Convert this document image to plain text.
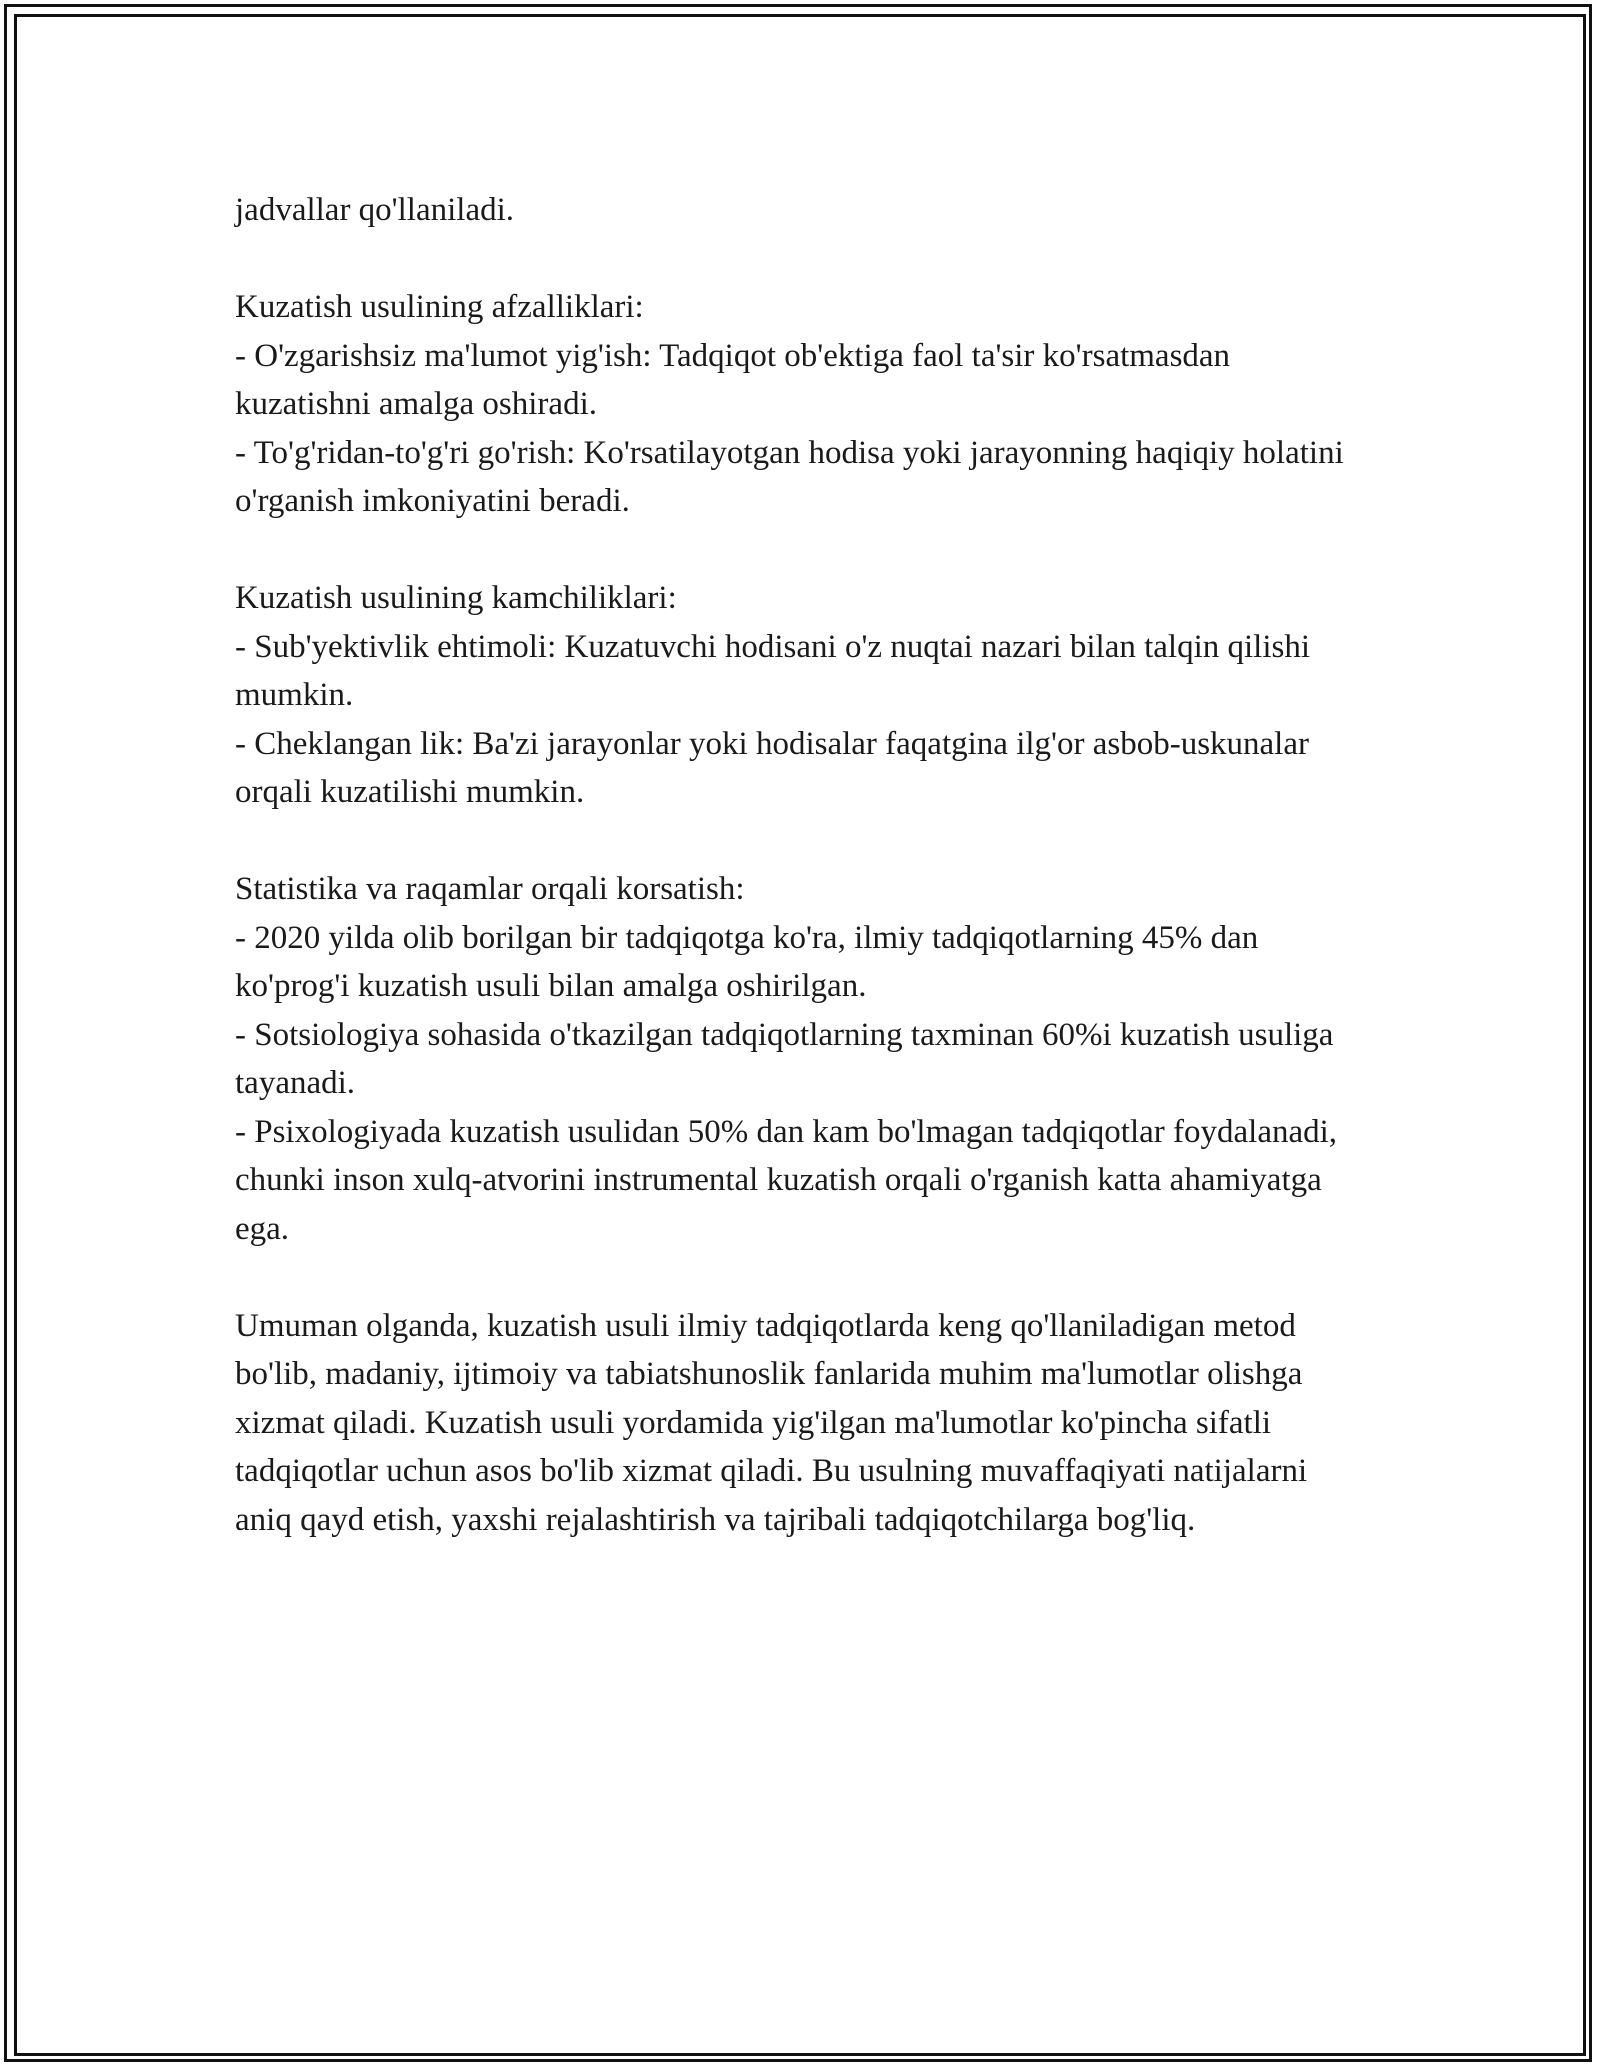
jadvallar qo'llaniladi.

Kuzatish usulining afzalliklari:

- O'zgarishsiz ma'lumot yig'ish: Tadqiqot ob'ektiga faol ta'sir ko'rsatmasdan kuzatishni amalga oshiradi.

- To'g'ridan-to'g'ri go'rish: Ko'rsatilayotgan hodisa yoki jarayonning haqiqiy holatini o'rganish imkoniyatini beradi.

Kuzatish usulining kamchiliklari:

- Sub'yektivlik ehtimoli: Kuzatuvchi hodisani o'z nuqtai nazari bilan talqin qilishi mumkin.

- Cheklangan lik: Ba'zi jarayonlar yoki hodisalar faqatgina ilg'or asbob-uskunalar orqali kuzatilishi mumkin.

Statistika va raqamlar orqali korsatish:

- 2020 yilda olib borilgan bir tadqiqotga ko'ra, ilmiy tadqiqotlarning 45% dan ko'prog'i kuzatish usuli bilan amalga oshirilgan.

- Sotsiologiya sohasida o'tkazilgan tadqiqotlarning taxminan 60%i kuzatish usuliga tayanadi.

- Psixologiyada kuzatish usulidan 50% dan kam bo'lmagan tadqiqotlar foydalanadi, chunki inson xulq-atvorini instrumental kuzatish orqali o'rganish katta ahamiyatga ega.

Umuman olganda, kuzatish usuli ilmiy tadqiqotlarda keng qo'llaniladigan metod bo'lib, madaniy, ijtimoiy va tabiatshunoslik fanlarida muhim ma'lumotlar olishga xizmat qiladi. Kuzatish usuli yordamida yig'ilgan ma'lumotlar ko'pincha sifatli tadqiqotlar uchun asos bo'lib xizmat qiladi. Bu usulning muvaffaqiyati natijalarni aniq qayd etish, yaxshi rejalashtirish va tajribali tadqiqotchilarga bog'liq.
